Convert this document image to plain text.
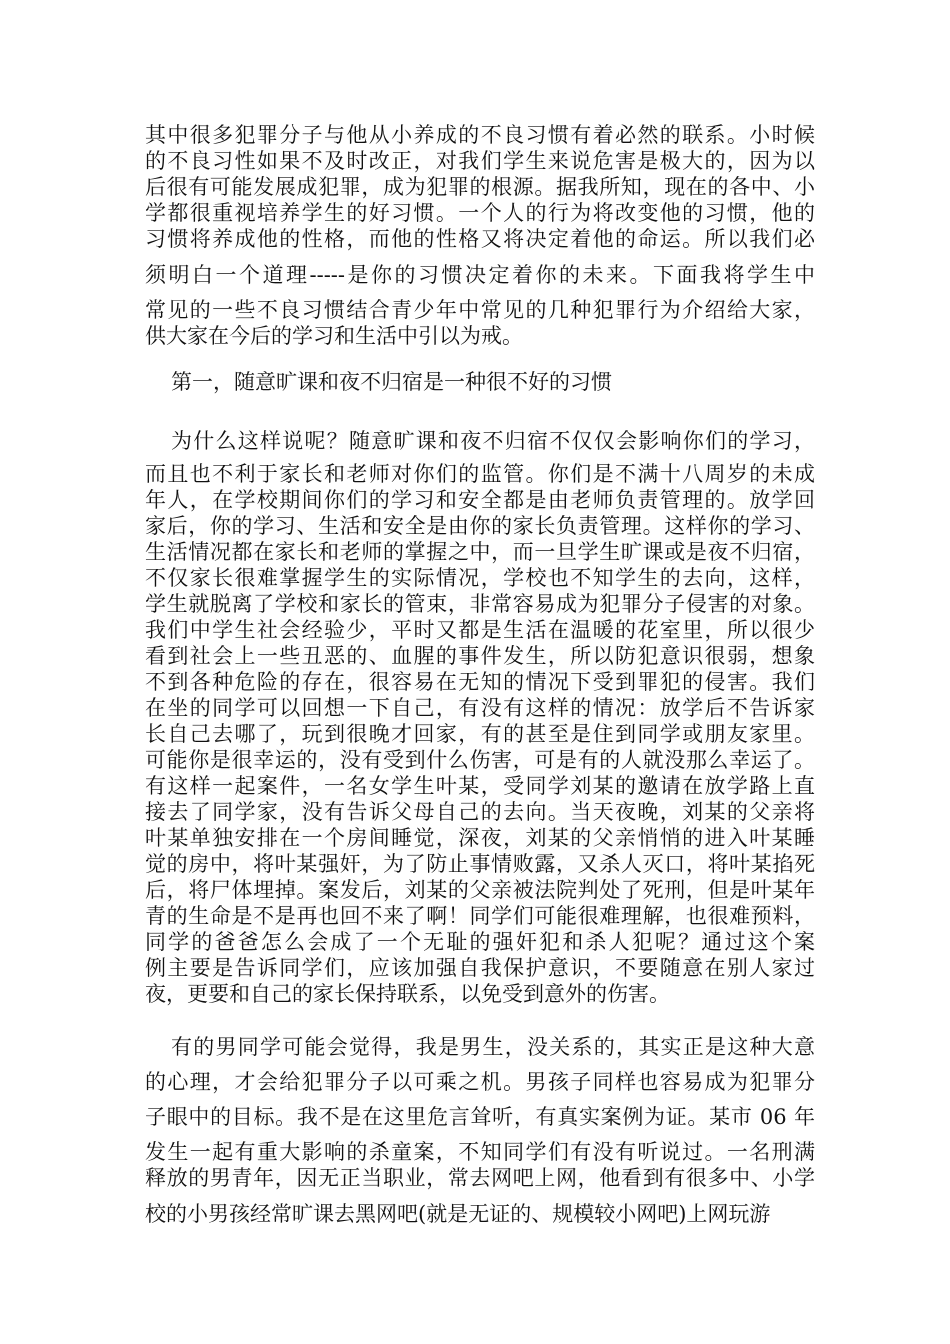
其中很多犯罪分子与他从小养成的不良习惯有着必然的联系。小时候
的不良习性如果不及时改正，对我们学生来说危害是极大的，因为以
后很有可能发展成犯罪，成为犯罪的根源。据我所知，现在的各中、小
学都很重视培养学生的好习惯。一个人的行为将改变他的习惯，他的
习惯将养成他的性格，而他的性格又将决定着他的命运。所以我们必
须明白一个道理-----是你的习惯决定着你的未来。下面我将学生中
常见的一些不良习惯结合青少年中常见的几种犯罪行为介绍给大家，
供大家在今后的学习和生活中引以为戒。
第一，随意旷课和夜不归宿是一种很不好的习惯
为什么这样说呢？随意旷课和夜不归宿不仅仅会影响你们的学习，
而且也不利于家长和老师对你们的监管。你们是不满十八周岁的未成
年人，在学校期间你们的学习和安全都是由老师负责管理的。放学回
家后，你的学习、生活和安全是由你的家长负责管理。这样你的学习、
生活情况都在家长和老师的掌握之中，而一旦学生旷课或是夜不归宿，
不仅家长很难掌握学生的实际情况，学校也不知学生的去向，这样，
学生就脱离了学校和家长的管束，非常容易成为犯罪分子侵害的对象。
我们中学生社会经验少，平时又都是生活在温暖的花室里，所以很少
看到社会上一些丑恶的、血腥的事件发生，所以防犯意识很弱，想象
不到各种危险的存在，很容易在无知的情况下受到罪犯的侵害。我们
在坐的同学可以回想一下自己，有没有这样的情况：放学后不告诉家
长自己去哪了，玩到很晚才回家，有的甚至是住到同学或朋友家里。
可能你是很幸运的，没有受到什么伤害，可是有的人就没那么幸运了。
有这样一起案件，一名女学生叶某，受同学刘某的邀请在放学路上直
接去了同学家，没有告诉父母自己的去向。当天夜晚，刘某的父亲将
叶某单独安排在一个房间睡觉，深夜，刘某的父亲悄悄的进入叶某睡
觉的房中，将叶某强奸，为了防止事情败露，又杀人灭口，将叶某掐死
后，将尸体埋掉。案发后，刘某的父亲被法院判处了死刑，但是叶某年
青的生命是不是再也回不来了啊！同学们可能很难理解，也很难预料，
同学的爸爸怎么会成了一个无耻的强奸犯和杀人犯呢？通过这个案
例主要是告诉同学们，应该加强自我保护意识，不要随意在别人家过
夜，更要和自己的家长保持联系，以免受到意外的伤害。
有的男同学可能会觉得，我是男生，没关系的，其实正是这种大意
的心理，才会给犯罪分子以可乘之机。男孩子同样也容易成为犯罪分
子眼中的目标。我不是在这里危言耸听，有真实案例为证。某市 06 年
发生一起有重大影响的杀童案，不知同学们有没有听说过。一名刑满
释放的男青年，因无正当职业，常去网吧上网，他看到有很多中、小学
校的小男孩经常旷课去黑网吧(就是无证的、规模较小网吧)上网玩游
